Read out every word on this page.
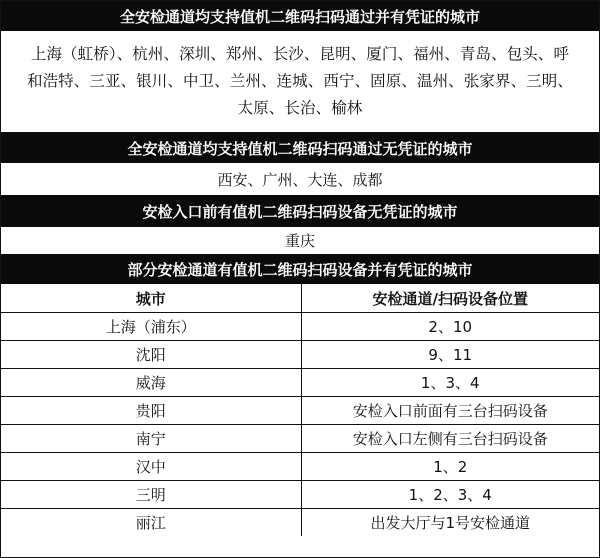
全安检通道均支持值机二维码扫码通过并有凭证的城市
上海（虹桥）、杭州、深圳、郑州、长沙、昆明、厦门、福州、青岛、包头、呼
和浩特、三亚、银川、中卫、兰州、连城、西宁、固原、温州、张家界、三明、
太原、长治、榆林
全安检通道均支持值机二维码扫码通过无凭证的城市
西安、广州、大连、成都
安检入口前有值机二维码扫码设备无凭证的城市
重庆
部分安检通道有值机二维码扫码设备并有凭证的城市
城市	安检通道/扫码设备位置
上海（浦东）	2、10
沈阳	9、11
威海	1、3、4
贵阳	安检入口前面有三台扫码设备
南宁	安检入口左侧有三台扫码设备
汉中	1、2
三明	1、2、3、4
丽江	出发大厅与1号安检通道
